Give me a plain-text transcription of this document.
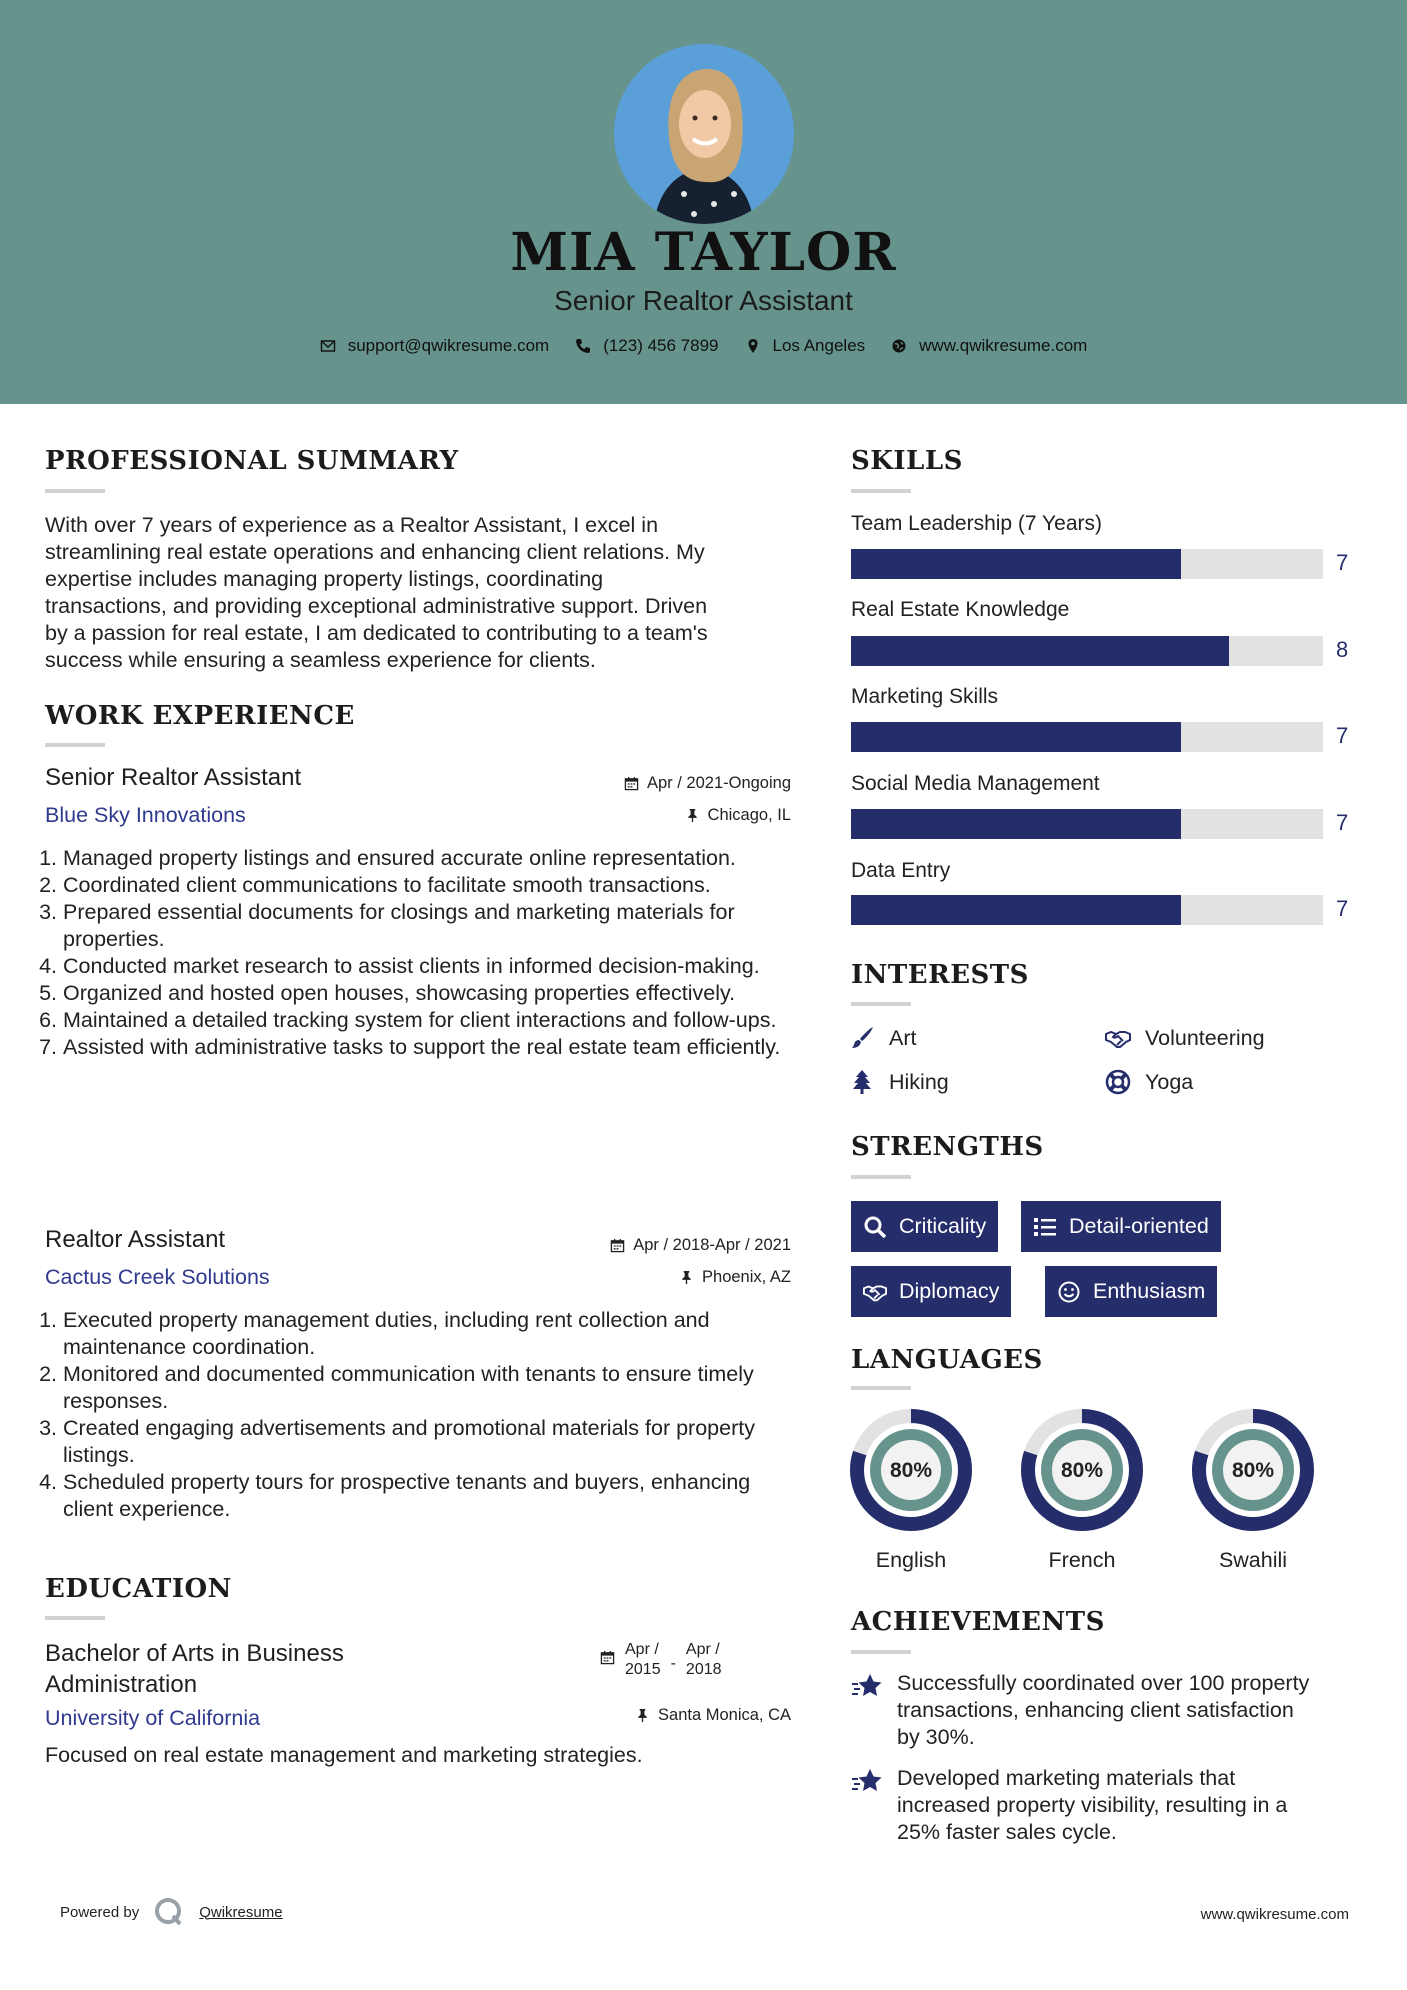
MIA TAYLOR
Senior Realtor Assistant
support@qwikresume.com	(123) 456 7899	Los Angeles	www.qwikresume.com
PROFESSIONAL SUMMARY
With over 7 years of experience as a Realtor Assistant, I excel in
streamlining real estate operations and enhancing client relations. My
expertise includes managing property listings, coordinating
transactions, and providing exceptional administrative support. Driven
by a passion for real estate, I am dedicated to contributing to a team's
success while ensuring a seamless experience for clients.
WORK EXPERIENCE
Senior Realtor Assistant
Blue Sky Innovations
Apr / 2021-Ongoing
Chicago, IL
1. Managed property listings and ensured accurate online representation.
2. Coordinated client communications to facilitate smooth transactions.
3. Prepared essential documents for closings and marketing materials for properties.
4. Conducted market research to assist clients in informed decision-making.
5. Organized and hosted open houses, showcasing properties effectively.
6. Maintained a detailed tracking system for client interactions and follow-ups.
7. Assisted with administrative tasks to support the real estate team efficiently.
Realtor Assistant
Cactus Creek Solutions
Apr / 2018-Apr / 2021
Phoenix, AZ
1. Executed property management duties, including rent collection and maintenance coordination.
2. Monitored and documented communication with tenants to ensure timely responses.
3. Created engaging advertisements and promotional materials for property listings.
4. Scheduled property tours for prospective tenants and buyers, enhancing client experience.
EDUCATION
Bachelor of Arts in Business
Administration
University of California
Apr /
2015 -
Apr /
2018
Santa Monica, CA
Focused on real estate management and marketing strategies.
SKILLS
Team Leadership (7 Years)
7
Real Estate Knowledge
8
Marketing Skills
7
Social Media Management
7
Data Entry
7
INTERESTS
Art	Volunteering
Hiking	Yoga
STRENGTHS
Criticality	Detail-oriented
Diplomacy	Enthusiasm
LANGUAGES
80%
English
80%
French
80%
Swahili
ACHIEVEMENTS
Successfully coordinated over 100 property
transactions, enhancing client satisfaction
by 30%.
Developed marketing materials that
increased property visibility, resulting in a
25% faster sales cycle.
Powered by	Qwikresume	www.qwikresume.com
